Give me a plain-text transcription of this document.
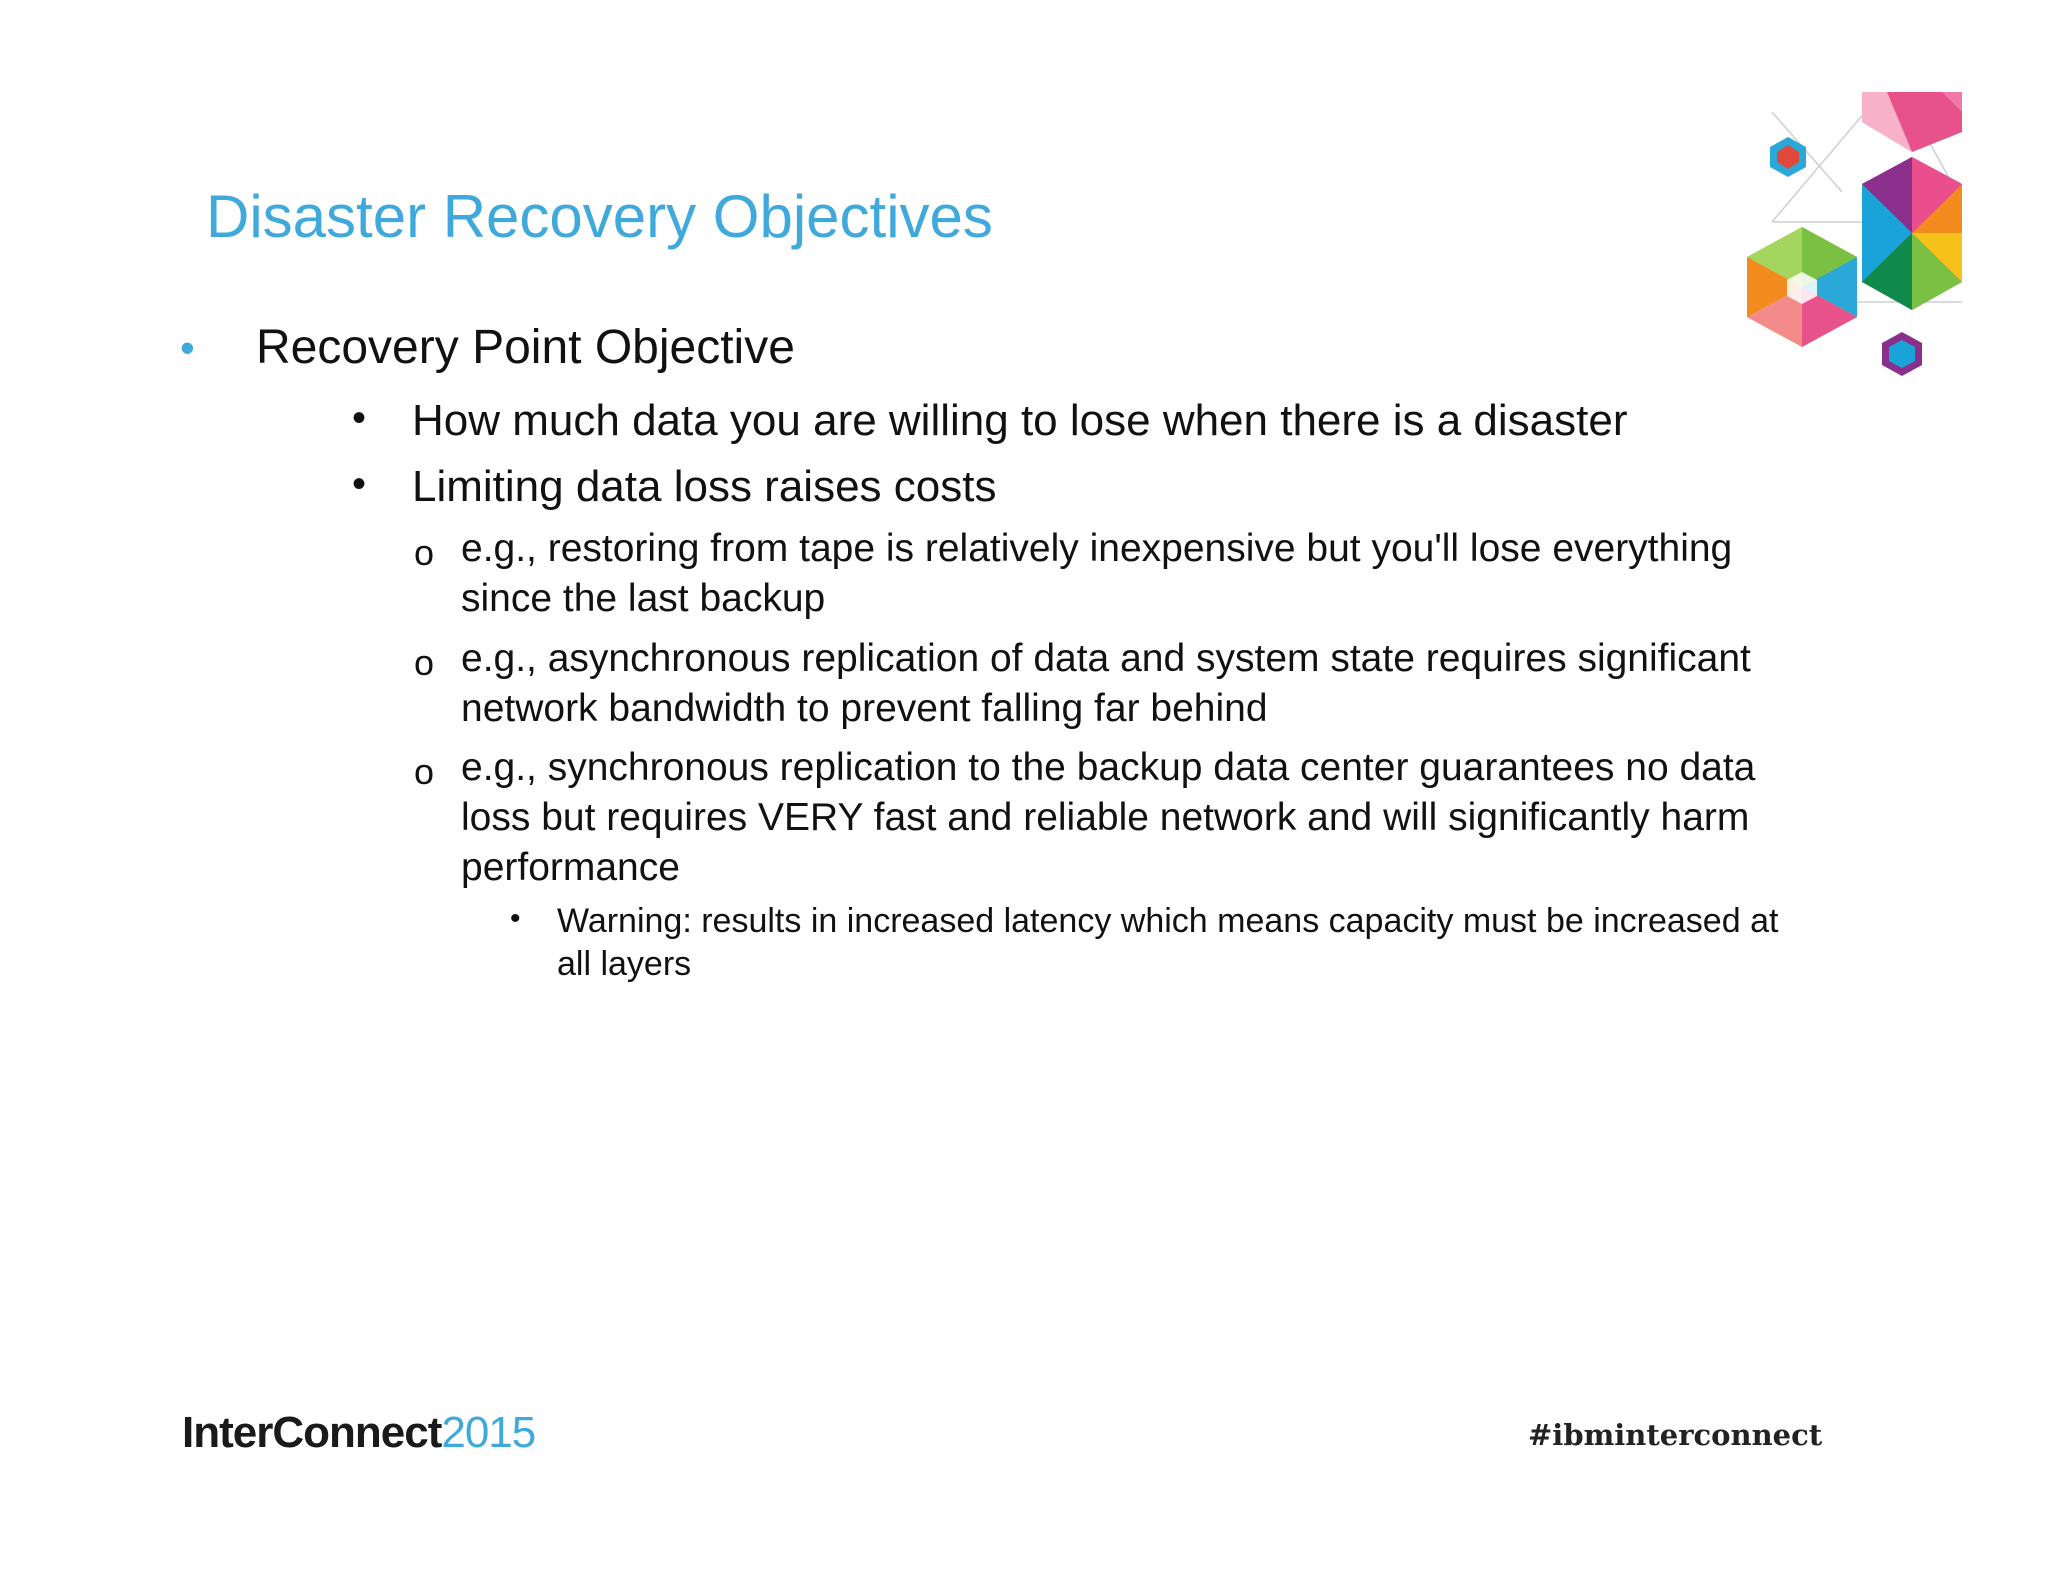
Disaster Recovery Objectives
• Recovery Point Objective
• How much data you are willing to lose when there is a disaster
• Limiting data loss raises costs
o e.g., restoring from tape is relatively inexpensive but you'll lose everything
since the last backup
o e.g., asynchronous replication of data and system state requires significant
network bandwidth to prevent falling far behind
o e.g., synchronous replication to the backup data center guarantees no data
loss but requires VERY fast and reliable network and will significantly harm
performance
• Warning: results in increased latency which means capacity must be increased at
all layers
InterConnect2015	#ibminterconnect
